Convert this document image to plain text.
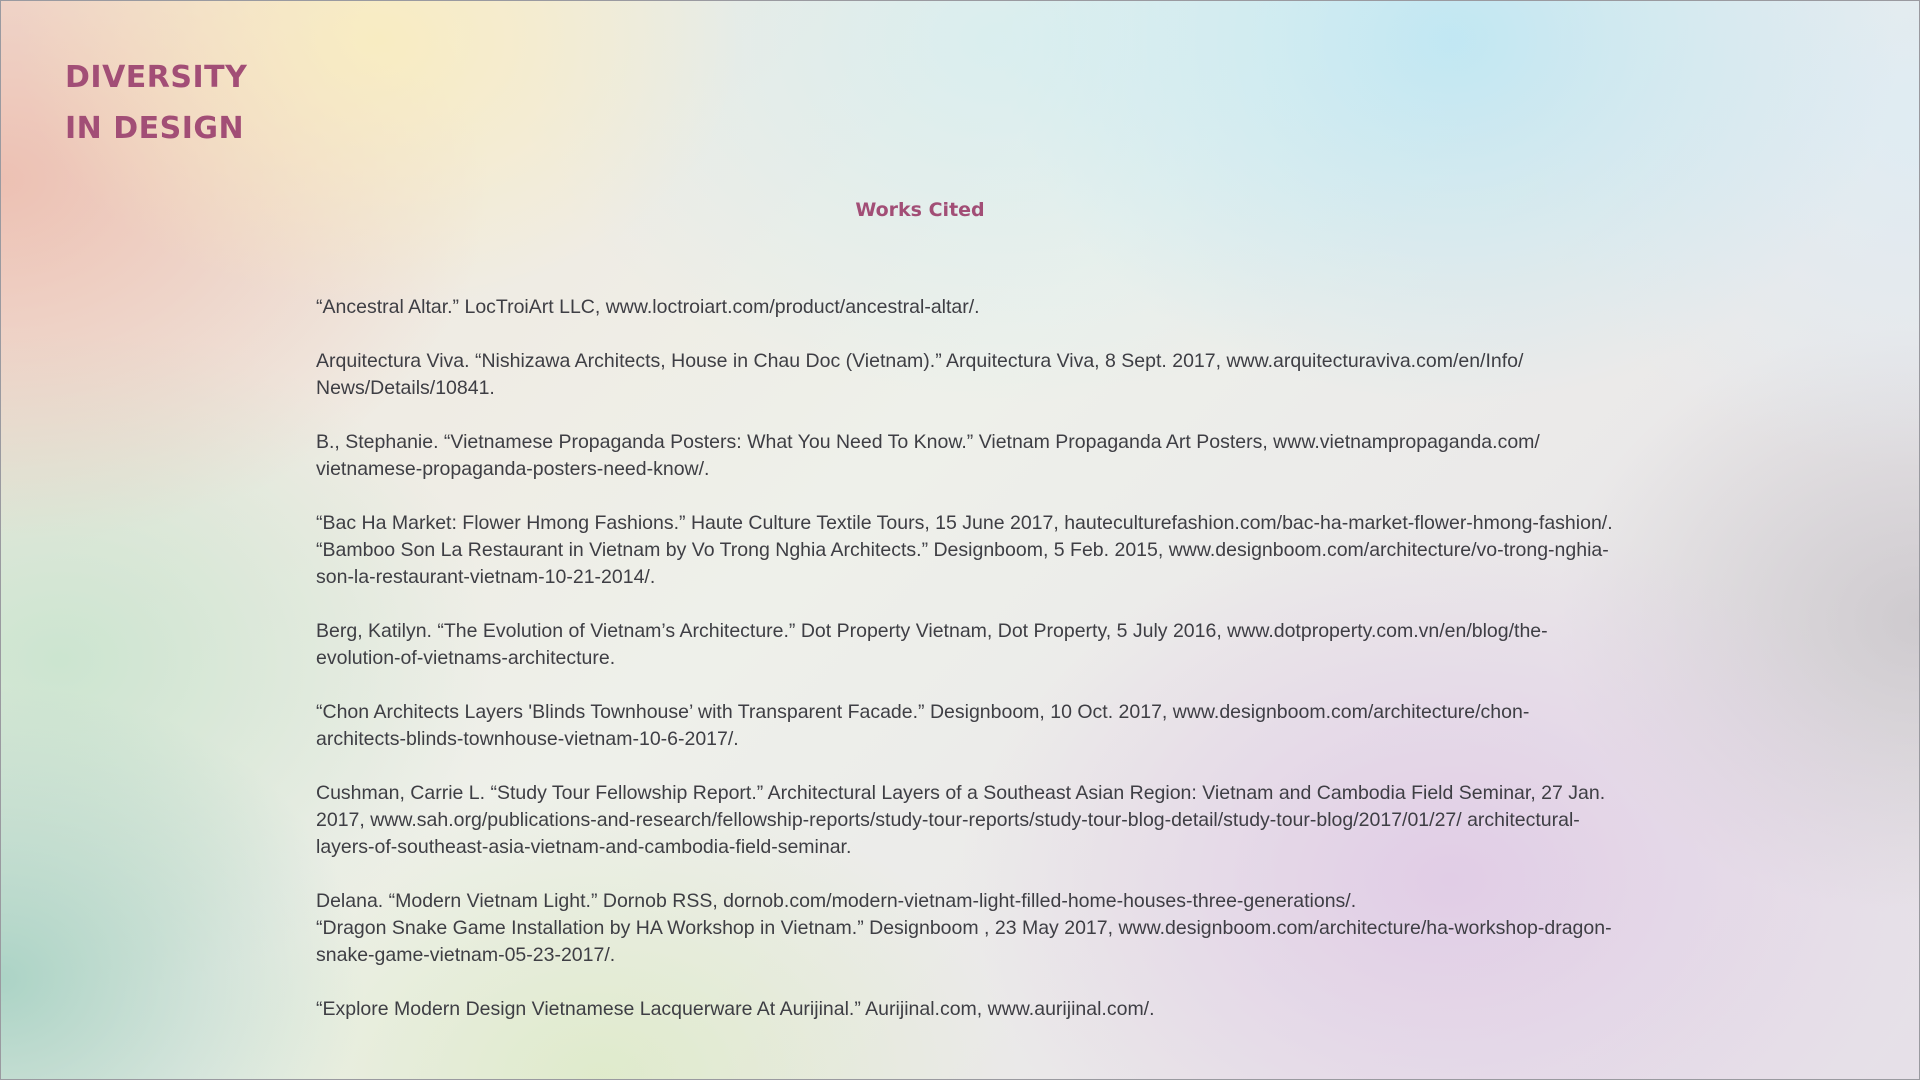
DIVERSITY
IN DESIGN
Works Cited

“Ancestral Altar.” LocTroiArt LLC, www.loctroiart.com/product/ancestral-altar/.

Arquitectura Viva. “Nishizawa Architects, House in Chau Doc (Vietnam).” Arquitectura Viva, 8 Sept. 2017, www.arquitecturaviva.com/en/Info/ News/Details/10841.

B., Stephanie. “Vietnamese Propaganda Posters: What You Need To Know.” Vietnam Propaganda Art Posters, www.vietnampropaganda.com/ vietnamese-propaganda-posters-need-know/.

“Bac Ha Market: Flower Hmong Fashions.” Haute Culture Textile Tours, 15 June 2017, hauteculturefashion.com/bac-ha-market-flower-hmong-fashion/.

“Bamboo Son La Restaurant in Vietnam by Vo Trong Nghia Architects.” Designboom, 5 Feb. 2015, www.designboom.com/architecture/vo-trong-nghia-son-la-restaurant-vietnam-10-21-2014/.

Berg, Katilyn. “The Evolution of Vietnam’s Architecture.” Dot Property Vietnam, Dot Property, 5 July 2016, www.dotproperty.com.vn/en/blog/the-evolution-of-vietnams-architecture.

“Chon Architects Layers 'Blinds Townhouse’ with Transparent Facade.” Designboom, 10 Oct. 2017, www.designboom.com/architecture/chon-architects-blinds-townhouse-vietnam-10-6-2017/.

Cushman, Carrie L. “Study Tour Fellowship Report.” Architectural Layers of a Southeast Asian Region: Vietnam and Cambodia Field Seminar, 27 Jan. 2017, www.sah.org/publications-and-research/fellowship-reports/study-tour-reports/study-tour-blog-detail/study-tour-blog/2017/01/27/ architectural-layers-of-southeast-asia-vietnam-and-cambodia-field-seminar.

Delana. “Modern Vietnam Light.” Dornob RSS, dornob.com/modern-vietnam-light-filled-home-houses-three-generations/.

“Dragon Snake Game Installation by HA Workshop in Vietnam.” Designboom , 23 May 2017, www.designboom.com/architecture/ha-workshop-dragon-snake-game-vietnam-05-23-2017/.

“Explore Modern Design Vietnamese Lacquerware At Aurijinal.” Aurijinal.com, www.aurijinal.com/.
